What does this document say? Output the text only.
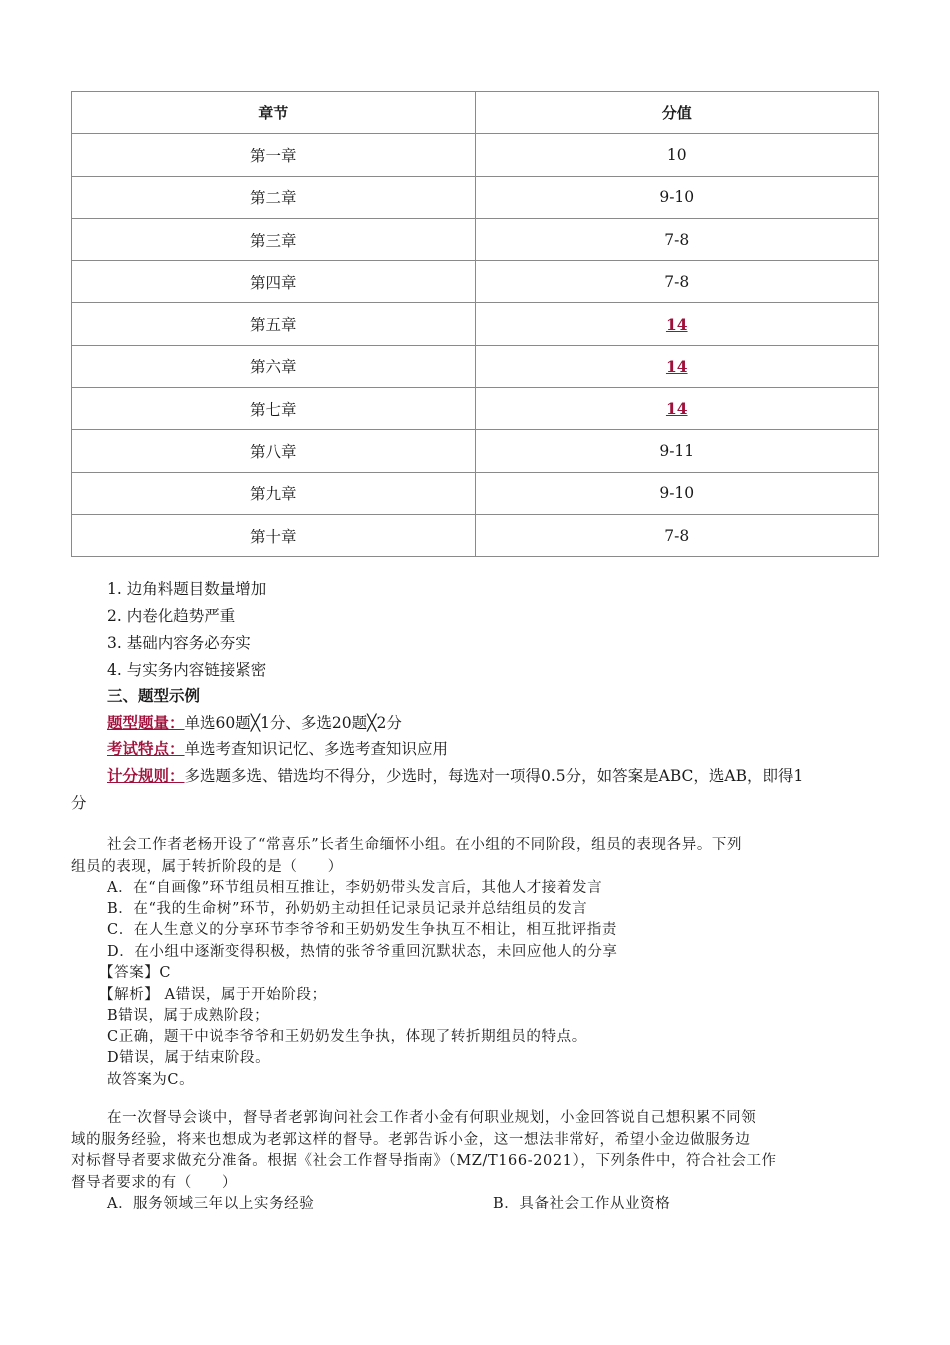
章节	分值
第一章	10
第二章	9-10
第三章	7-8
第四章	7-8
第五章	14
第六章	14
第七章	14
第八章	9-11
第九章	9-10
第十章	7-8
1. 边角料题目数量增加
2. 内卷化趋势严重
3. 基础内容务必夯实
4. 与实务内容链接紧密
三、题型示例
题型题量：单选60题╳1分、多选20题╳2分
考试特点：单选考查知识记忆、多选考查知识应用
计分规则：多选题多选、错选均不得分，少选时，每选对一项得0.5分，如答案是ABC，选AB，即得1
分
社会工作者老杨开设了“常喜乐”长者生命缅怀小组。在小组的不同阶段，组员的表现各异。下列
组员的表现，属于转折阶段的是（　　）
A．在“自画像”环节组员相互推让，李奶奶带头发言后，其他人才接着发言
B．在“我的生命树”环节，孙奶奶主动担任记录员记录并总结组员的发言
C．在人生意义的分享环节李爷爷和王奶奶发生争执互不相让，相互批评指责
D．在小组中逐渐变得积极，热情的张爷爷重回沉默状态，未回应他人的分享
【答案】C
【解析】 A错误，属于开始阶段；
B错误，属于成熟阶段；
C正确，题干中说李爷爷和王奶奶发生争执，体现了转折期组员的特点。
D错误，属于结束阶段。
故答案为C。
在一次督导会谈中，督导者老郭询问社会工作者小金有何职业规划，小金回答说自己想积累不同领
域的服务经验，将来也想成为老郭这样的督导。老郭告诉小金，这一想法非常好，希望小金边做服务边
对标督导者要求做充分准备。根据《社会工作督导指南》（MZ/T166-2021），下列条件中，符合社会工作
督导者要求的有（　　）
A．服务领域三年以上实务经验	B．具备社会工作从业资格
